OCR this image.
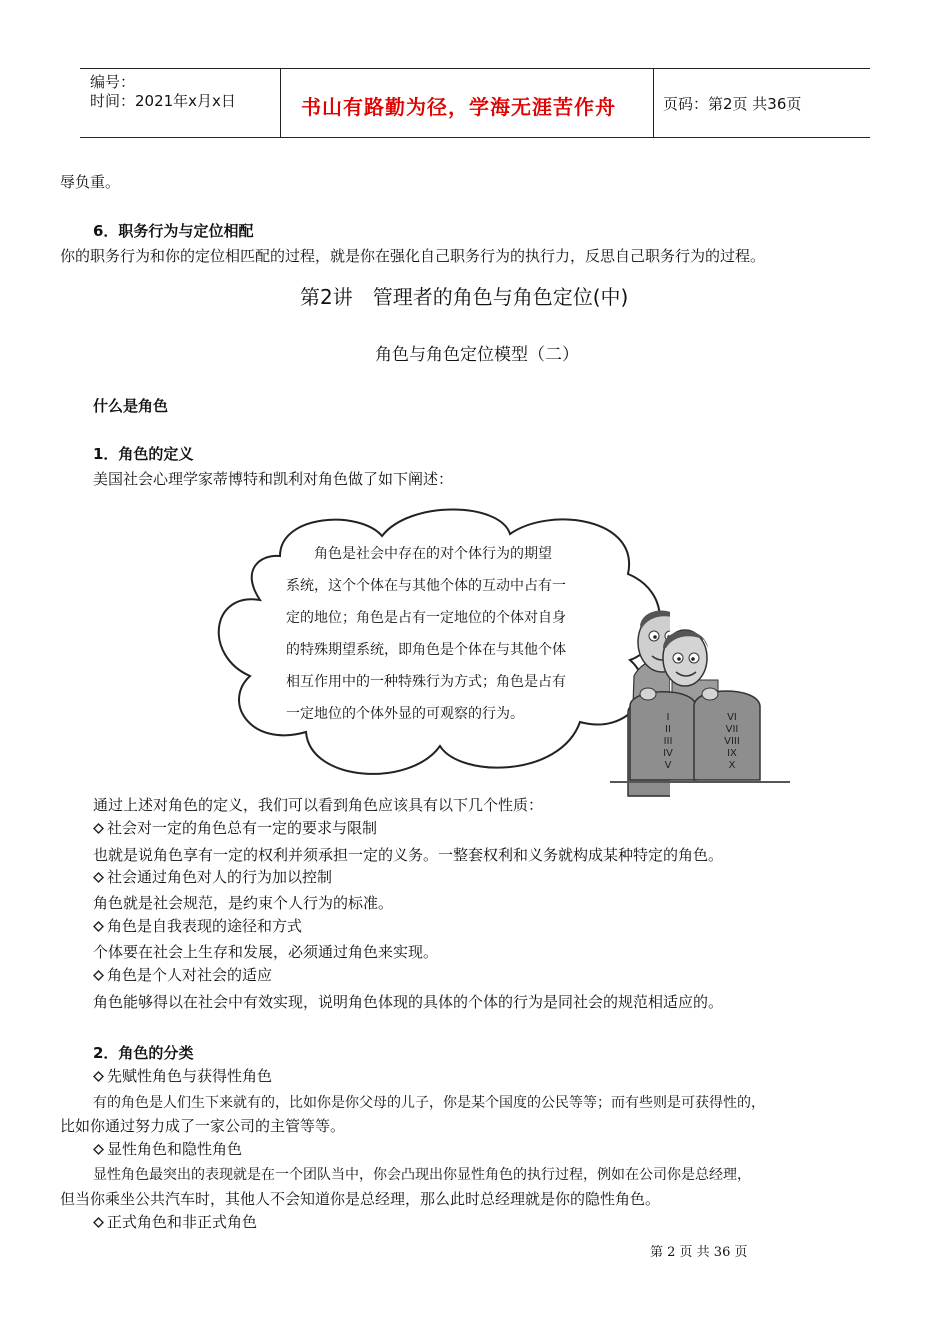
编号：
时间：2021年x月x日	书山有路勤为径，学海无涯苦作舟	页码：第2页 共36页
辱负重。
6．职务行为与定位相配
你的职务行为和你的定位相匹配的过程，就是你在强化自己职务行为的执行力，反思自己职务行为的过程。
第2讲　管理者的角色与角色定位(中)
角色与角色定位模型（二）
什么是角色
1．角色的定义
美国社会心理学家蒂博特和凯利对角色做了如下阐述：
I
II
III
IV
V
VI
VII
VIII
IX
X
　　角色是社会中存在的对个体行为的期望
系统，这个个体在与其他个体的互动中占有一
定的地位；角色是占有一定地位的个体对自身
的特殊期望系统，即角色是个体在与其他个体
相互作用中的一种特殊行为方式；角色是占有
一定地位的个体外显的可观察的行为。
通过上述对角色的定义，我们可以看到角色应该具有以下几个性质：
社会对一定的角色总有一定的要求与限制
也就是说角色享有一定的权利并须承担一定的义务。一整套权利和义务就构成某种特定的角色。
社会通过角色对人的行为加以控制
角色就是社会规范，是约束个人行为的标准。
角色是自我表现的途径和方式
个体要在社会上生存和发展，必须通过角色来实现。
角色是个人对社会的适应
角色能够得以在社会中有效实现，说明角色体现的具体的个体的行为是同社会的规范相适应的。
2．角色的分类
先赋性角色与获得性角色
有的角色是人们生下来就有的，比如你是你父母的儿子，你是某个国度的公民等等；而有些则是可获得性的，
比如你通过努力成了一家公司的主管等等。
显性角色和隐性角色
显性角色最突出的表现就是在一个团队当中，你会凸现出你显性角色的执行过程，例如在公司你是总经理，
但当你乘坐公共汽车时，其他人不会知道你是总经理，那么此时总经理就是你的隐性角色。
正式角色和非正式角色
第 2 页 共 36 页
